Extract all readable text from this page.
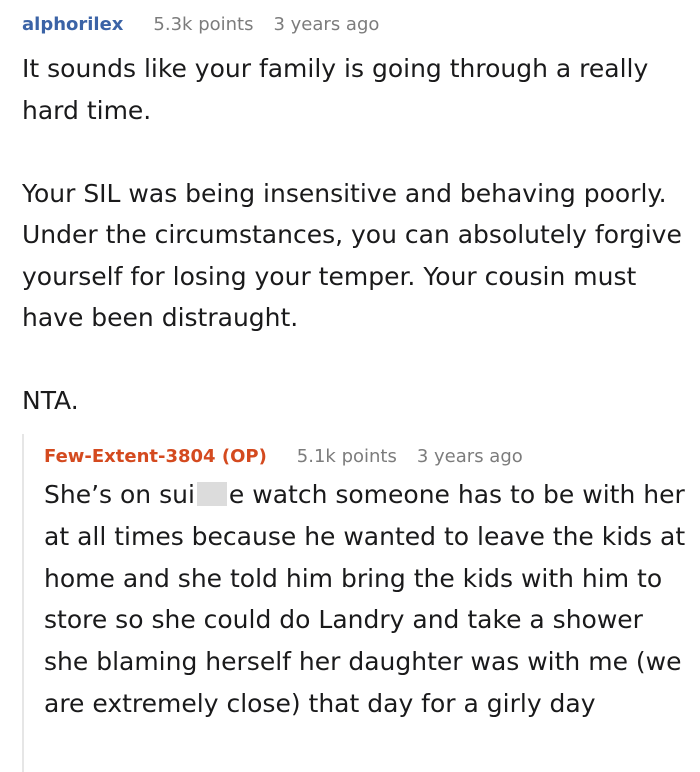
alphorilex 5.3k points 3 years ago

It sounds like your family is going through a really hard time.

Your SIL was being insensitive and behaving poorly. Under the circumstances, you can absolutely forgive yourself for losing your temper. Your cousin must have been distraught.

NTA.

Few-Extent-3804 (OP) 5.1k points 3 years ago

She’s on sui e watch someone has to be with her at all times because he wanted to leave the kids at home and she told him bring the kids with him to store so she could do Landry and take a shower she blaming herself her daughter was with me (we are extremely close) that day for a girly day
